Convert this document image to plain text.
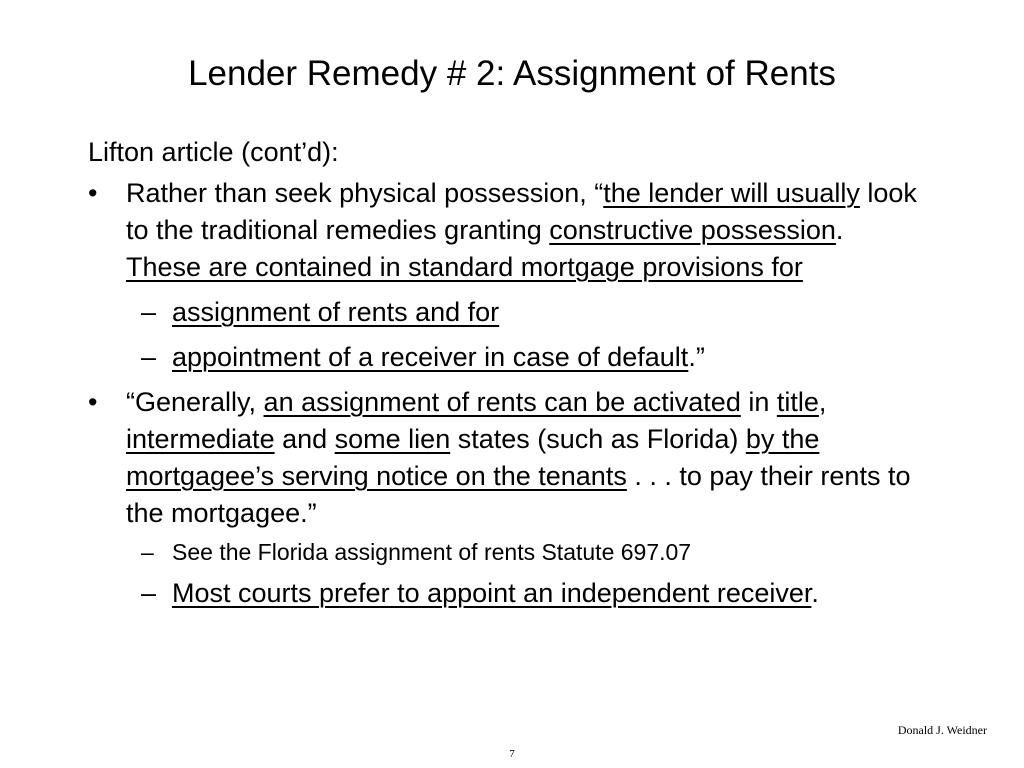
Lender Remedy # 2: Assignment of Rents

Lifton article (cont’d):

• Rather than seek physical possession, “the lender will usually look to the traditional remedies granting constructive possession. These are contained in standard mortgage provisions for

– assignment of rents and for

– appointment of a receiver in case of default.”

• “Generally, an assignment of rents can be activated in title, intermediate and some lien states (such as Florida) by the mortgagee’s serving notice on the tenants . . . to pay their rents to the mortgagee.”

– See the Florida assignment of rents Statute 697.07

– Most courts prefer to appoint an independent receiver.

Donald J. Weidner
7
